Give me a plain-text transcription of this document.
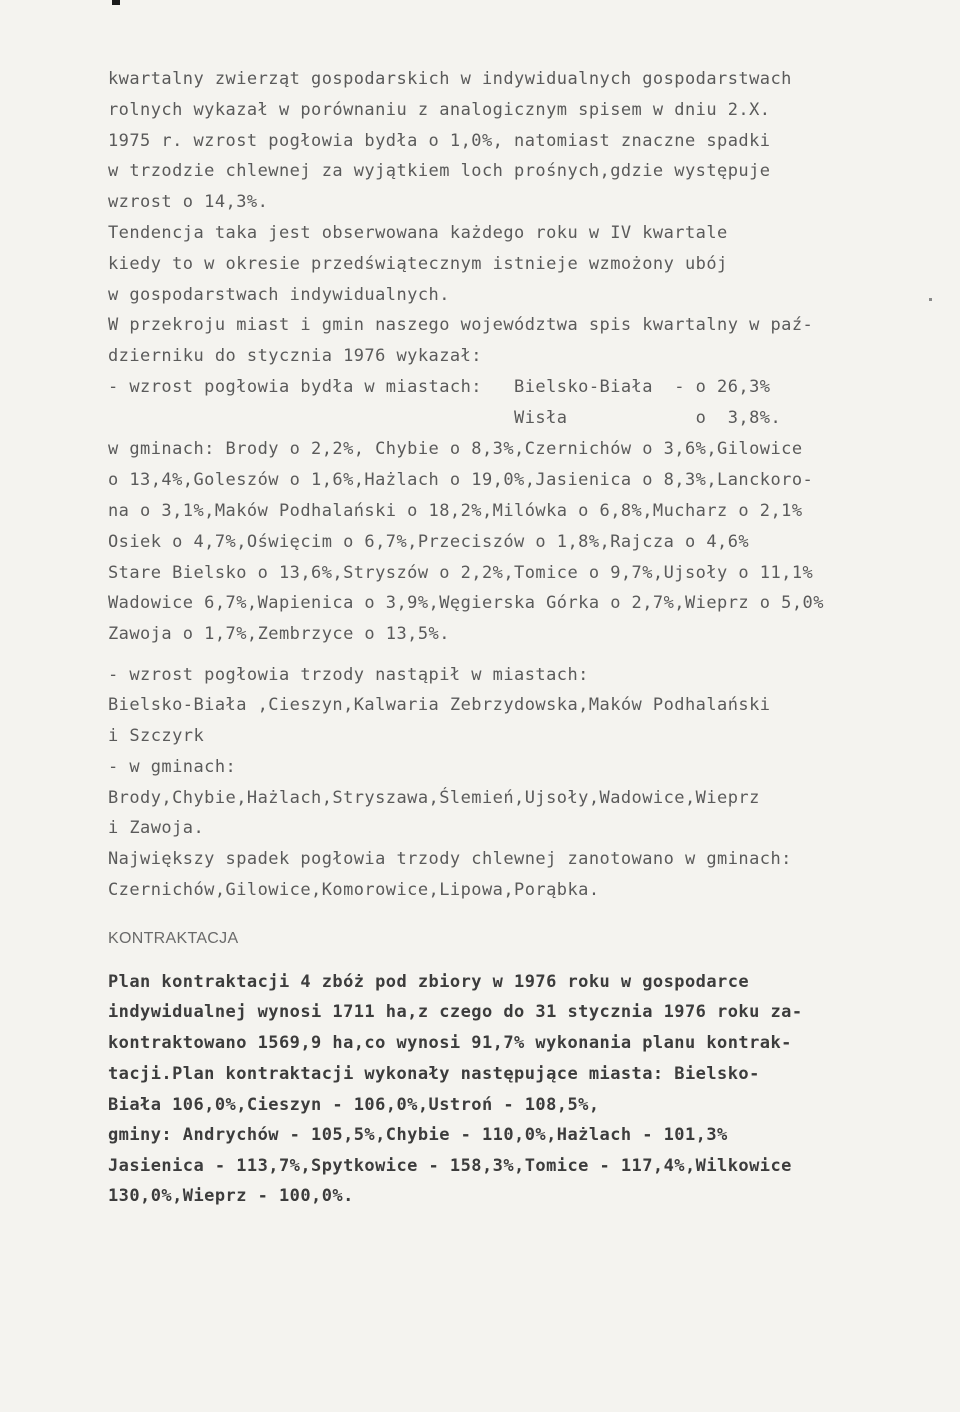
kwartalny zwierząt gospodarskich w indywidualnych gospodarstwach
rolnych wykazał w porównaniu z analogicznym spisem w dniu 2.X.
1975 r. wzrost pogłowia bydła o 1,0%, natomiast znaczne spadki
w trzodzie chlewnej za wyjątkiem loch prośnych,gdzie występuje
wzrost o 14,3%.
Tendencja taka jest obserwowana każdego roku w IV kwartale
kiedy to w okresie przedświątecznym istnieje wzmożony ubój
w gospodarstwach indywidualnych.
W przekroju miast i gmin naszego województwa spis kwartalny w paź-
dzierniku do stycznia 1976 wykazał:
- wzrost pogłowia bydła w miastach:   Bielsko-Biała  - o 26,3%
Wisła            o  3,8%.
w gminach: Brody o 2,2%, Chybie o 8,3%,Czernichów o 3,6%,Gilowice
o 13,4%,Goleszów o 1,6%,Hażlach o 19,0%,Jasienica o 8,3%,Lanckoro-
na o 3,1%,Maków Podhalański o 18,2%,Milówka o 6,8%,Mucharz o 2,1%
Osiek o 4,7%,Oświęcim o 6,7%,Przeciszów o 1,8%,Rajcza o 4,6%
Stare Bielsko o 13,6%,Stryszów o 2,2%,Tomice o 9,7%,Ujsoły o 11,1%
Wadowice 6,7%,Wapienica o 3,9%,Węgierska Górka o 2,7%,Wieprz o 5,0%
Zawoja o 1,7%,Zembrzyce o 13,5%.
- wzrost pogłowia trzody nastąpił w miastach:
Bielsko-Biała ,Cieszyn,Kalwaria Zebrzydowska,Maków Podhalański
i Szczyrk
- w gminach:
Brody,Chybie,Hażlach,Stryszawa,Ślemień,Ujsoły,Wadowice,Wieprz
i Zawoja.
Największy spadek pogłowia trzody chlewnej zanotowano w gminach:
Czernichów,Gilowice,Komorowice,Lipowa,Porąbka.
KONTRAKTACJA
Plan kontraktacji 4 zbóż pod zbiory w 1976 roku w gospodarce
indywidualnej wynosi 1711 ha,z czego do 31 stycznia 1976 roku za-
kontraktowano 1569,9 ha,co wynosi 91,7% wykonania planu kontrak-
tacji.Plan kontraktacji wykonały następujące miasta: Bielsko-
Biała 106,0%,Cieszyn - 106,0%,Ustroń - 108,5%,
gminy: Andrychów - 105,5%,Chybie - 110,0%,Hażlach - 101,3%
Jasienica - 113,7%,Spytkowice - 158,3%,Tomice - 117,4%,Wilkowice
130,0%,Wieprz - 100,0%.
